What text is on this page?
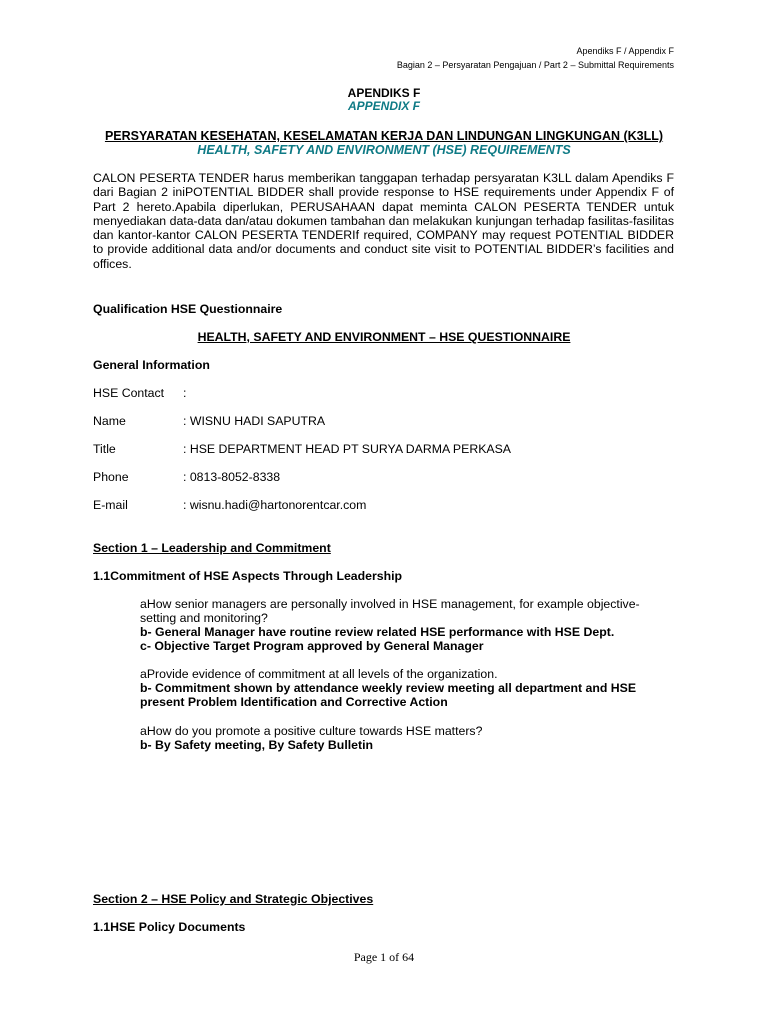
Apendiks F / Appendix F
Bagian 2 – Persyaratan Pengajuan / Part 2 – Submittal Requirements
APENDIKS F
APPENDIX F
PERSYARATAN KESEHATAN, KESELAMATAN KERJA DAN LINDUNGAN LINGKUNGAN (K3LL)
HEALTH, SAFETY AND ENVIRONMENT (HSE) REQUIREMENTS

CALON PESERTA TENDER harus memberikan tanggapan terhadap persyaratan K3LL dalam Apendiks F dari Bagian 2 iniPOTENTIAL BIDDER shall provide response to HSE requirements under Appendix F of Part 2 hereto.Apabila diperlukan, PERUSAHAAN dapat meminta CALON PESERTA TENDER untuk menyediakan data-data dan/atau dokumen tambahan dan melakukan kunjungan terhadap fasilitas-fasilitas dan kantor-kantor CALON PESERTA TENDERIf required, COMPANY may request POTENTIAL BIDDER to provide additional data and/or documents and conduct site visit to POTENTIAL BIDDER’s facilities and offices.

Qualification HSE Questionnaire
HEALTH, SAFETY AND ENVIRONMENT – HSE QUESTIONNAIRE
General Information
HSE Contact :
Name	: WISNU HADI SAPUTRA
Title	: HSE DEPARTMENT HEAD PT SURYA DARMA PERKASA
Phone	: 0813-8052-8338
E-mail	: wisnu.hadi@hartonorentcar.com
Section 1 – Leadership and Commitment
1.1Commitment of HSE Aspects Through Leadership
aHow senior managers are personally involved in HSE management, for example objective-setting and monitoring?
b- General Manager have routine review related HSE performance with HSE Dept.
c- Objective Target Program approved by General Manager
aProvide evidence of commitment at all levels of the organization.
b- Commitment shown by attendance weekly review meeting all department and HSE present Problem Identification and Corrective Action
aHow do you promote a positive culture towards HSE matters?
b- By Safety meeting, By Safety Bulletin
Section 2 – HSE Policy and Strategic Objectives
1.1HSE Policy Documents
Page 1 of 64
